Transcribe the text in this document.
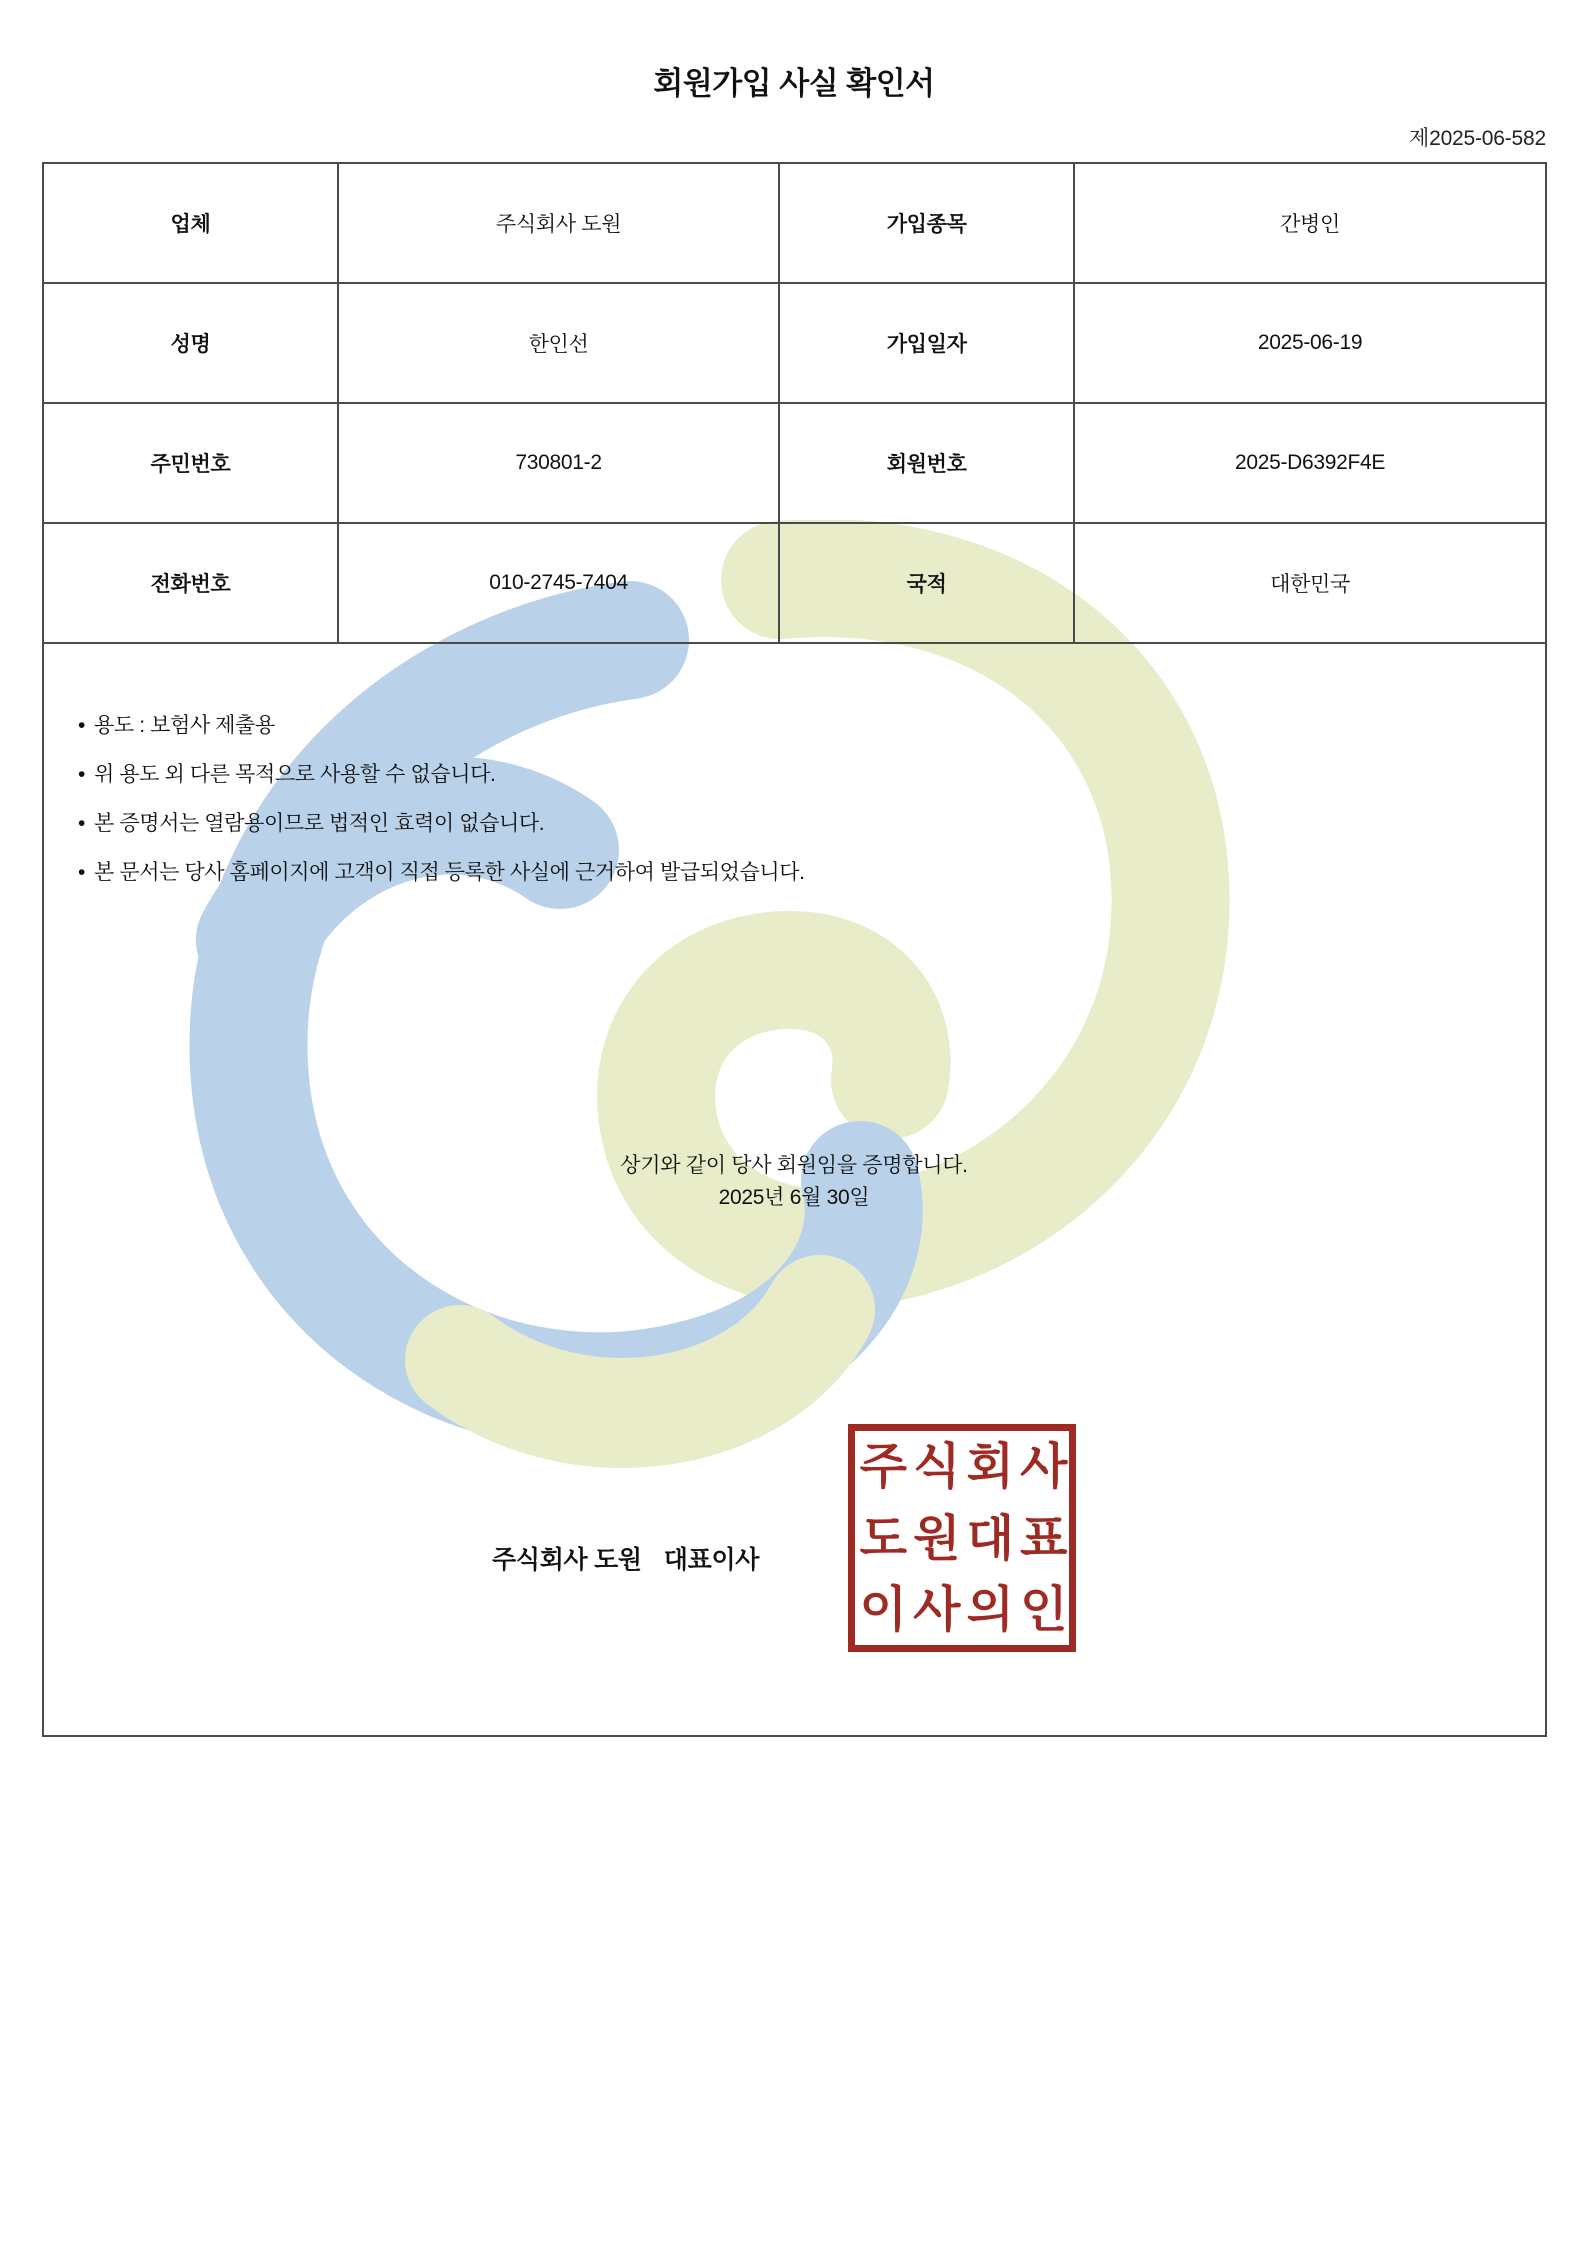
회원가입 사실 확인서
제2025-06-582
업체	주식회사 도원	가입종목	간병인
성명	한인선	가입일자	2025-06-19
주민번호	730801-2	회원번호	2025-D6392F4E
전화번호	010-2745-7404	국적	대한민국
• 용도 : 보험사 제출용
• 위 용도 외 다른 목적으로 사용할 수 없습니다.
• 본 증명서는 열람용이므로 법적인 효력이 없습니다.
• 본 문서는 당사 홈페이지에 고객이 직접 등록한 사실에 근거하여 발급되었습니다.
상기와 같이 당사 회원임을 증명합니다.
2025년 6월 30일
주식회사 도원 대표이사
주 식 회 사
도 원 대 표
이 사 의 인
